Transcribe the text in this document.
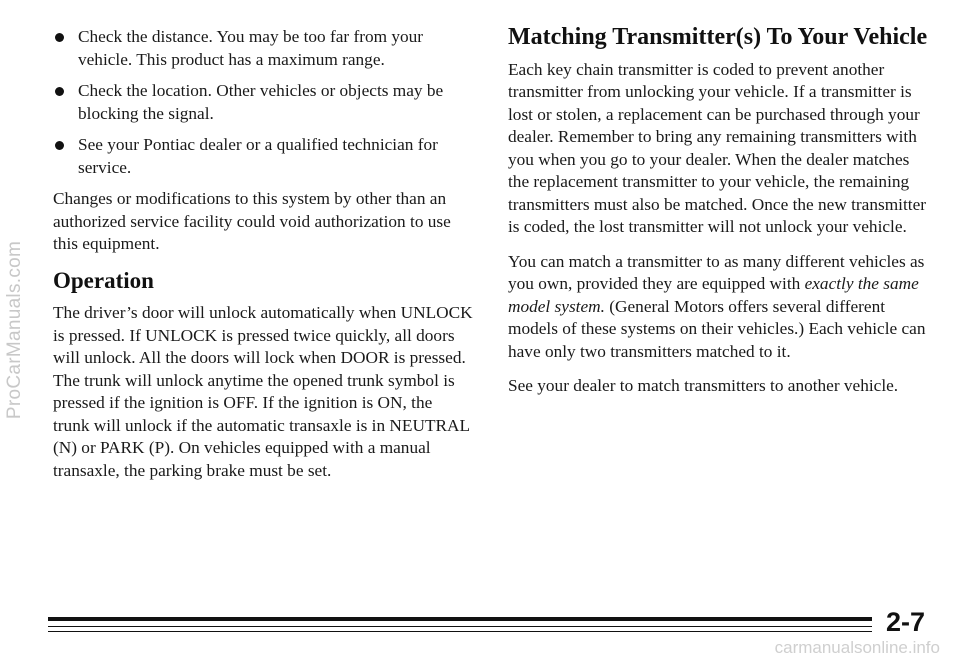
ProCarManuals.com
Check the distance. You may be too far from your vehicle. This product has a maximum range.
Check the location. Other vehicles or objects may be blocking the signal.
See your Pontiac dealer or a qualified technician for service.

Changes or modifications to this system by other than an authorized service facility could void authorization to use this equipment.

Operation

The driver’s door will unlock automatically when UNLOCK is pressed. If UNLOCK is pressed twice quickly, all doors will unlock. All the doors will lock when DOOR is pressed. The trunk will unlock anytime the opened trunk symbol is pressed if the ignition is OFF. If the ignition is ON, the trunk will unlock if the automatic transaxle is in NEUTRAL (N) or PARK (P). On vehicles equipped with a manual transaxle, the parking brake must be set.

Matching Transmitter(s) To Your Vehicle

Each key chain transmitter is coded to prevent another transmitter from unlocking your vehicle. If a transmitter is lost or stolen, a replacement can be purchased through your dealer. Remember to bring any remaining transmitters with you when you go to your dealer. When the dealer matches the replacement transmitter to your vehicle, the remaining transmitters must also be matched. Once the new transmitter is coded, the lost transmitter will not unlock your vehicle.

You can match a transmitter to as many different vehicles as you own, provided they are equipped with exactly the same model system. (General Motors offers several different models of these systems on their vehicles.) Each vehicle can have only two transmitters matched to it.

See your dealer to match transmitters to another vehicle.

2-7
carmanualsonline.info
